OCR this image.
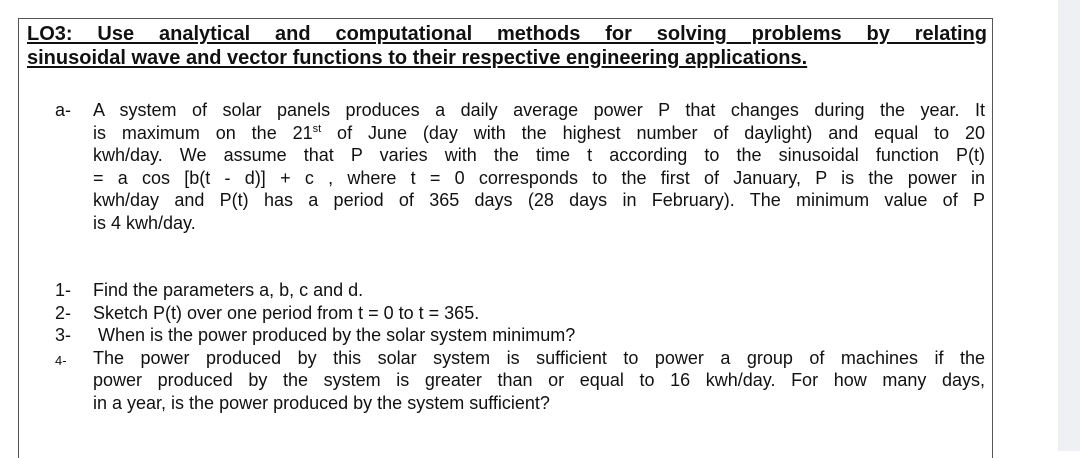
LO3: Use analytical and computational methods for solving problems by relating
sinusoidal wave and vector functions to their respective engineering applications.
a-	A system of solar panels produces a daily average power P that changes during the year. It
is maximum on the 21st of June (day with the highest number of daylight) and equal to 20
kwh/day. We assume that P varies with the time t according to the sinusoidal function P(t)
= a cos [b(t - d)] + c , where t = 0 corresponds to the first of January, P is the power in
kwh/day and P(t) has a period of 365 days (28 days in February). The minimum value of P
is 4 kwh/day.
1-	Find the parameters a, b, c and d.
2-	Sketch P(t) over one period from t = 0 to t = 365.
3-	When is the power produced by the solar system minimum?
4-	The power produced by this solar system is sufficient to power a group of machines if the
power produced by the system is greater than or equal to 16 kwh/day. For how many days,
in a year, is the power produced by the system sufficient?
